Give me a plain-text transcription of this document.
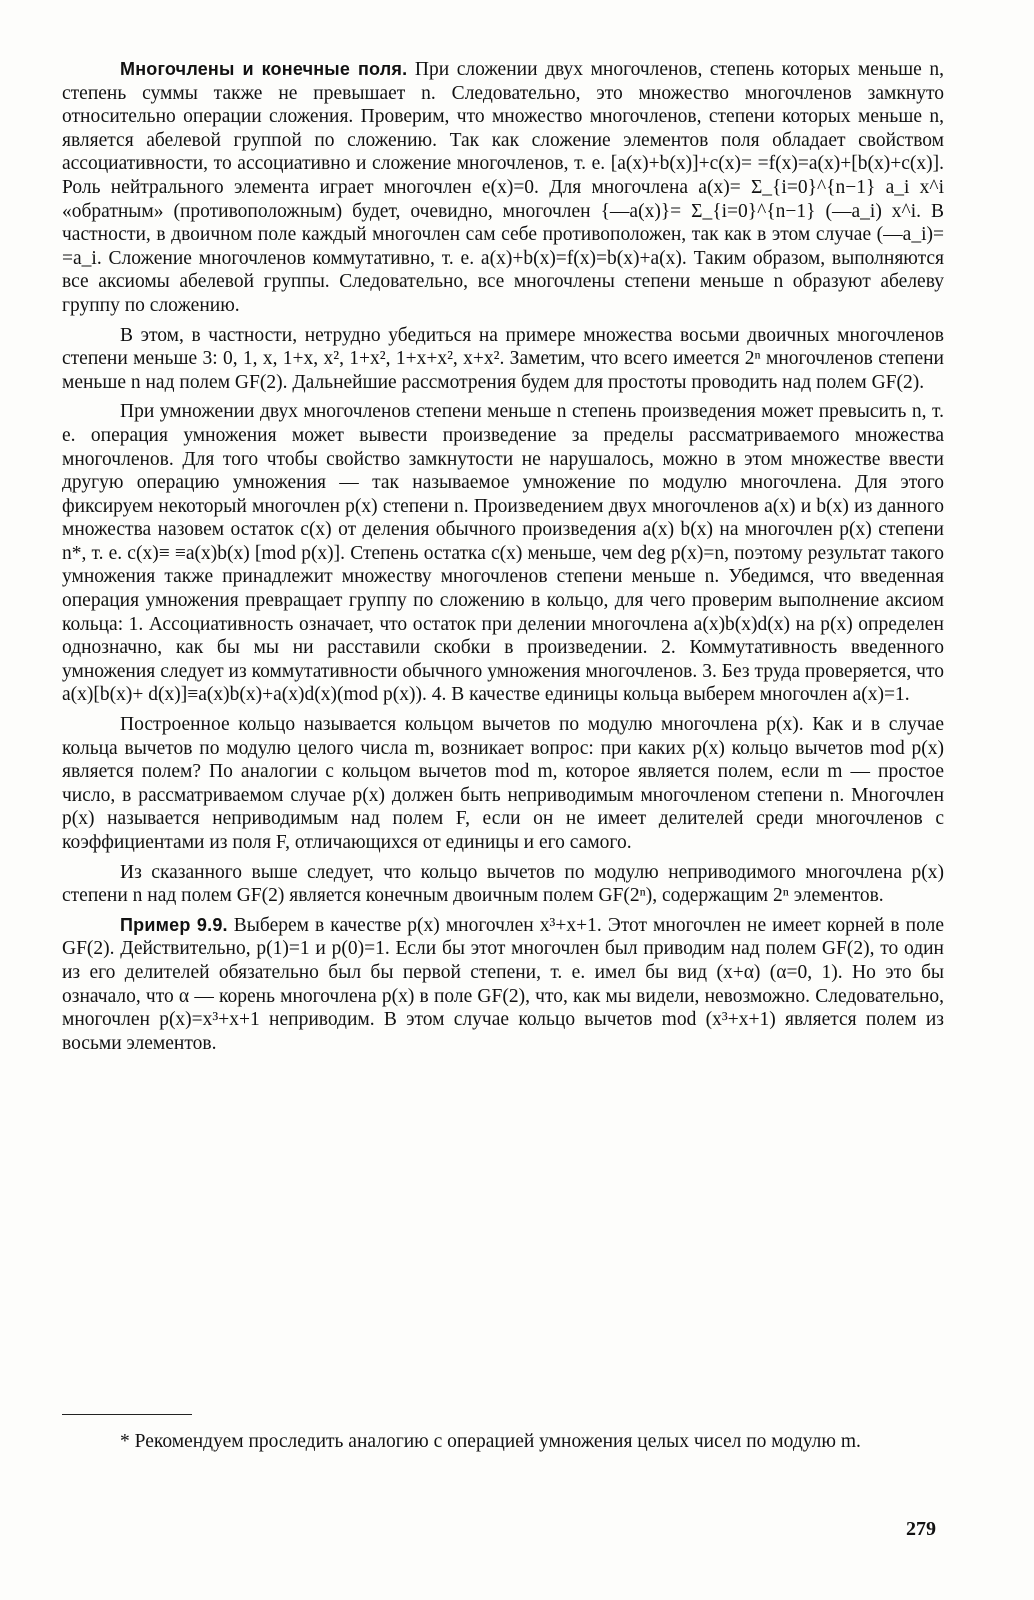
Многочлены и конечные поля. При сложении двух многочленов, степень которых меньше n, степень суммы также не превышает n. Следовательно, это множество многочленов замкнуто относительно операции сложения. Проверим, что множество многочленов, степени которых меньше n, является абелевой группой по сложению. Так как сложение элементов поля обладает свойством ассоциативности, то ассоциативно и сложение многочленов, т. е. [a(x)+b(x)]+c(x)= =f(x)=a(x)+[b(x)+c(x)]. Роль нейтрального элемента играет многочлен e(x)=0. Для многочлена a(x)= Σ_{i=0}^{n−1} a_i x^i «обратным» (противоположным) будет, очевидно, многочлен {—a(x)}= Σ_{i=0}^{n−1} (—a_i) x^i. В частности, в двоичном поле каждый многочлен сам себе противоположен, так как в этом случае (—a_i)= =a_i. Сложение многочленов коммутативно, т. е. a(x)+b(x)=f(x)=b(x)+a(x). Таким образом, выполняются все аксиомы абелевой группы. Следовательно, все многочлены степени меньше n образуют абелеву группу по сложению.

В этом, в частности, нетрудно убедиться на примере множества восьми двоичных многочленов степени меньше 3: 0, 1, x, 1+x, x², 1+x², 1+x+x², x+x². Заметим, что всего имеется 2ⁿ многочленов степени меньше n над полем GF(2). Дальнейшие рассмотрения будем для простоты проводить над полем GF(2).

При умножении двух многочленов степени меньше n степень произведения может превысить n, т. е. операция умножения может вывести произведение за пределы рассматриваемого множества многочленов. Для того чтобы свойство замкнутости не нарушалось, можно в этом множестве ввести другую операцию умножения — так называемое умножение по модулю многочлена. Для этого фиксируем некоторый многочлен p(x) степени n. Произведением двух многочленов a(x) и b(x) из данного множества назовем остаток c(x) от деления обычного произведения a(x) b(x) на многочлен p(x) степени n*, т. е. c(x)≡ ≡a(x)b(x) [mod p(x)]. Степень остатка c(x) меньше, чем deg p(x)=n, поэтому результат такого умножения также принадлежит множеству многочленов степени меньше n. Убедимся, что введенная операция умножения превращает группу по сложению в кольцо, для чего проверим выполнение аксиом кольца: 1. Ассоциативность означает, что остаток при делении многочлена a(x)b(x)d(x) на p(x) определен однозначно, как бы мы ни расставили скобки в произведении. 2. Коммутативность введенного умножения следует из коммутативности обычного умножения многочленов. 3. Без труда проверяется, что a(x)[b(x)+ d(x)]≡a(x)b(x)+a(x)d(x)(mod p(x)). 4. В качестве единицы кольца выберем многочлен a(x)=1.

Построенное кольцо называется кольцом вычетов по модулю многочлена p(x). Как и в случае кольца вычетов по модулю целого числа m, возникает вопрос: при каких p(x) кольцо вычетов mod p(x) является полем? По аналогии с кольцом вычетов mod m, которое является полем, если m — простое число, в рассматриваемом случае p(x) должен быть неприводимым многочленом степени n. Многочлен p(x) называется неприводимым над полем F, если он не имеет делителей среди многочленов с коэффициентами из поля F, отличающихся от единицы и его самого.

Из сказанного выше следует, что кольцо вычетов по модулю неприводимого многочлена p(x) степени n над полем GF(2) является конечным двоичным полем GF(2ⁿ), содержащим 2ⁿ элементов.

Пример 9.9. Выберем в качестве p(x) многочлен x³+x+1. Этот многочлен не имеет корней в поле GF(2). Действительно, p(1)=1 и p(0)=1. Если бы этот многочлен был приводим над полем GF(2), то один из его делителей обязательно был бы первой степени, т. е. имел бы вид (x+α) (α=0, 1). Но это бы означало, что α — корень многочлена p(x) в поле GF(2), что, как мы видели, невозможно. Следовательно, многочлен p(x)=x³+x+1 неприводим. В этом случае кольцо вычетов mod (x³+x+1) является полем из восьми элементов.

* Рекомендуем проследить аналогию с операцией умножения целых чисел по модулю m.

279
